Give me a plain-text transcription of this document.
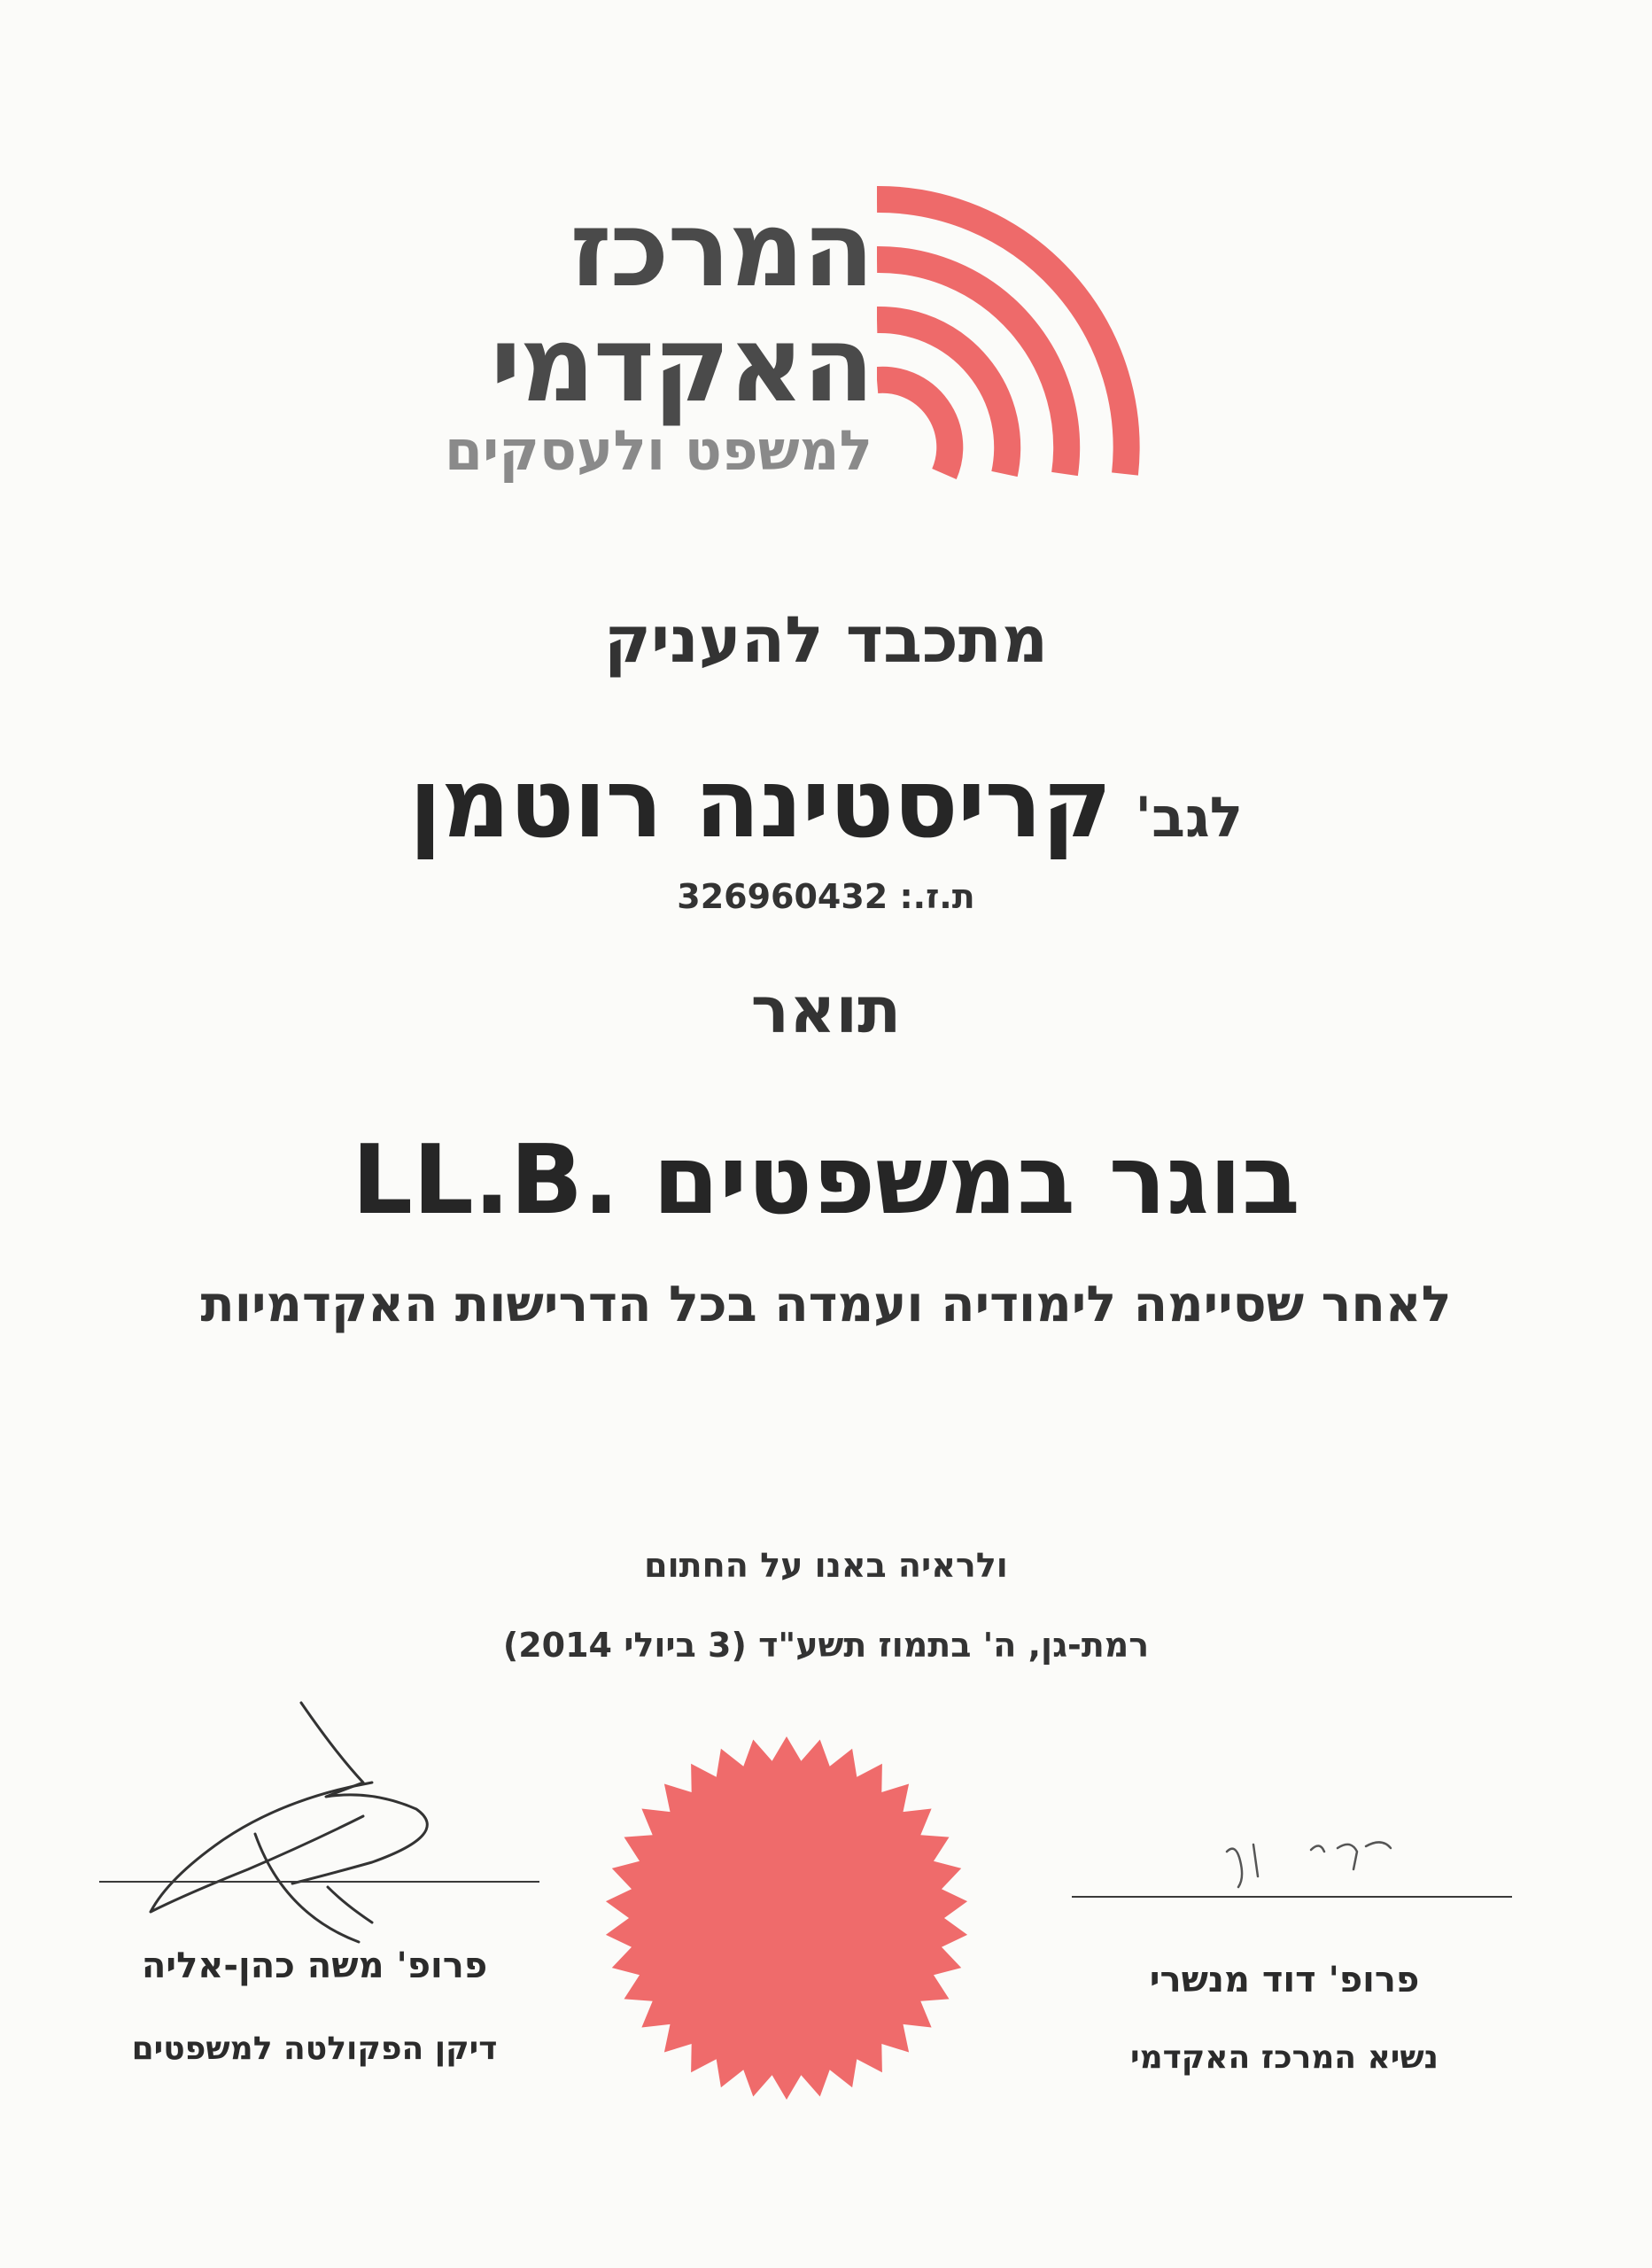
המרכז
האקדמי
למשפט ולעסקים
מתכבד להעניק
לגב' קריסטינה רוטמן
ת.ז.: 326960432
תואר
בוגר במשפטים .LL.B
לאחר שסיימה לימודיה ועמדה בכל הדרישות האקדמיות
ולראיה באנו על החתום
רמת-גן, ה' בתמוז תשע"ד (3 ביולי 2014)
פרופ' משה כהן-אליה
דיקן הפקולטה למשפטים
פרופ' דוד מנשרי
נשיא המרכז האקדמי
